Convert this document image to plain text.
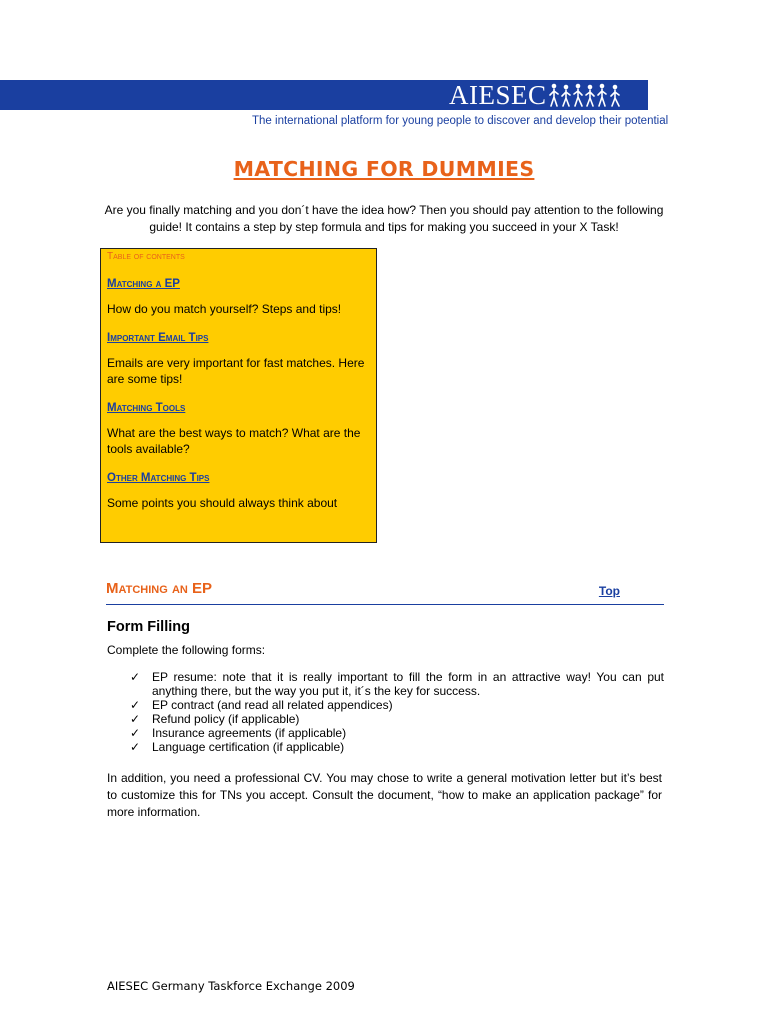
AIESEC
The international platform for young people to discover and develop their potential
MATCHING FOR DUMMIES
Are you finally matching and you don´t have the idea how? Then you should pay attention to the following guide! It contains a step by step formula and tips for making you succeed in your X Task!
Table of contents
Matching a EP
How do you match yourself? Steps and tips!
Important Email Tips
Emails are very important for fast matches. Here are some tips!
Matching Tools
What are the best ways to match? What are the tools available?
Other Matching Tips
Some points you should always think about
Matching an EP	Top
Form Filling
Complete the following forms:
✓ EP resume: note that it is really important to fill the form in an attractive way! You can put anything there, but the way you put it, it´s the key for success.
✓ EP contract (and read all related appendices)
✓ Refund policy (if applicable)
✓ Insurance agreements (if applicable)
✓ Language certification (if applicable)
In addition, you need a professional CV. You may chose to write a general motivation letter but it’s best to customize this for TNs you accept. Consult the document, “how to make an application package” for more information.
AIESEC Germany Taskforce Exchange 2009
